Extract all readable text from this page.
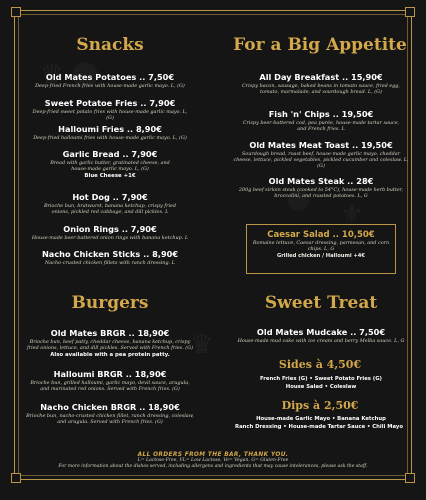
♛
⚜
♛
Snacks
Old Mates Potatoes .. 7,50€
Deep-fried French fries with house-made garlic mayo. L, (G)
Sweet Potatoe Fries .. 7,90€
Deep-fried sweet potato fries with house-made garlic mayo. L, (G)
Halloumi Fries .. 8,90€
Deep-fried halloumi fries with house-made garlic mayo. L, (G)
Garlic Bread .. 7,90€
Bread with garlic butter, gratinated cheese, and house-made garlic mayo. L, (G)
Blue Cheese +1€
Hot Dog .. 7,90€
Brioche bun, bratwurst, banana ketchup, crispy fried onions, pickled red cabbage, and dill pickles. L
Onion Rings .. 7,90€
House-made beer-battered onion rings with banana ketchup. L
Nacho Chicken Sticks .. 8,90€
Nacho-crusted chicken fillets with ranch dressing. L
Burgers
Old Mates BRGR .. 18,90€
Brioche bun, beef patty, cheddar cheese, banana ketchup, crispy fried onions, lettuce, and dill pickles. Served with French fries. (G)
Also available with a pea protein patty.
Halloumi BRGR .. 18,90€
Brioche bun, grilled halloumi, garlic mayo, devil sauce, arugula, and marinated red onions. Served with French fries. (G)
Nacho Chicken BRGR .. 18,90€
Brioche bun, nacho-crusted chicken fillet, ranch dressing, coleslaw, and arugula. Served with French fries. (G)
For a Big Appetite
All Day Breakfast .. 15,90€
Crispy bacon, sausage, baked beans in tomato sauce, fried egg, tomato, marmalade, and sourdough bread. L, (G)
Fish 'n' Chips .. 19,50€
Crispy beer-battered cod, pea purée, house-made tartar sauce, and French fries. L
Old Mates Meat Toast .. 19,50€
Sourdough bread, roast beef, house-made garlic mayo, cheddar cheese, lettuce, pickled vegetables, pickled cucumber and coleslaw. L, (G)
Old Mates Steak .. 28€
200g beef sirloin steak (cooked to 54°C), house-made herb butter, broccolini, and roasted potatoes. L, G
Caesar Salad .. 10,50€
Romaine lettuce, Caesar dressing, parmesan, and corn chips. L, G
Grilled chicken / Halloumi +4€
Sweet Treat
Old Mates Mudcake .. 7,50€
House-made mud cake with ice cream and berry Melba sauce. L, G
Sides à 4,50€
French Fries (G) • Sweet Potato Fries (G)
House Salad • Coleslaw
Dips à 2,50€
House-made Garlic Mayo • Banana Ketchup
Ranch Dressing • House-made Tartar Sauce • Chili Mayo
ALL ORDERS FROM THE BAR, THANK YOU.
L= Lactose-Free, VL= Low Lactose, Ve= Vegan, G= Gluten-Free
For more information about the dishes served, including allergens and ingredients that may cause intolerances, please ask the staff.
